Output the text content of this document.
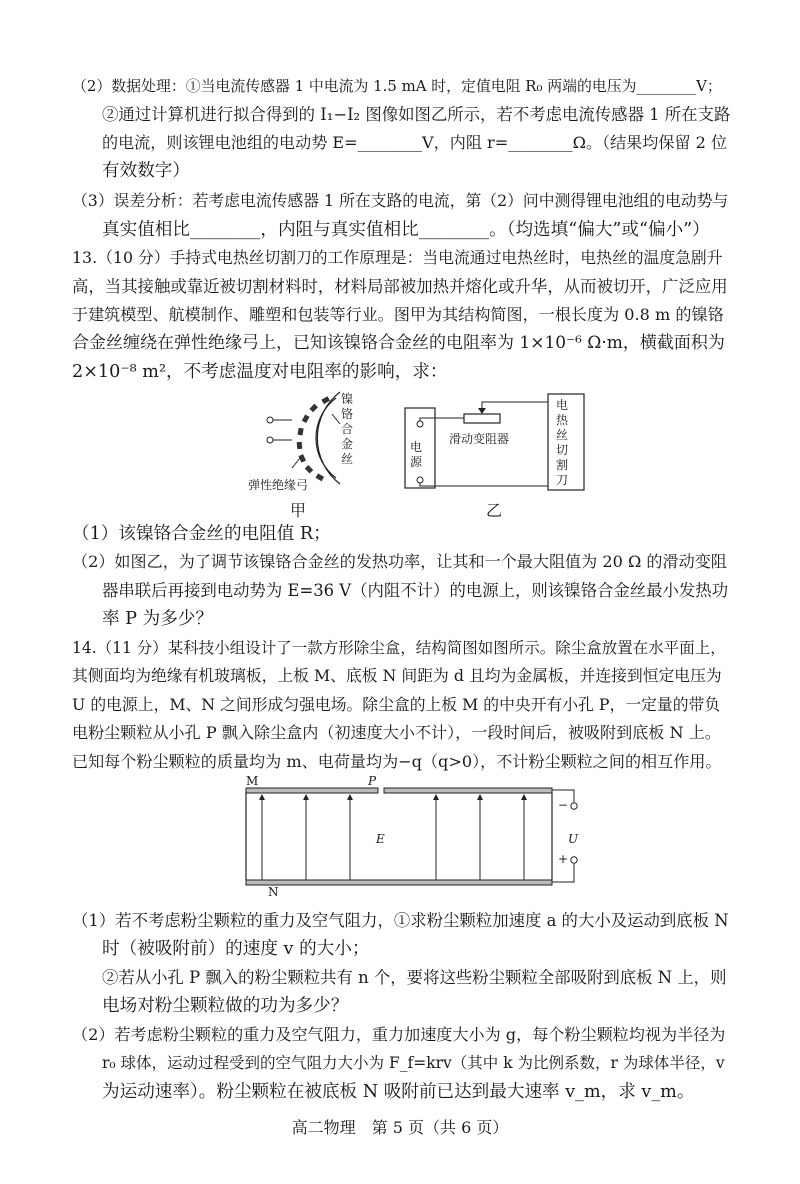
（2）数据处理：①当电流传感器 1 中电流为 1.5 mA 时，定值电阻 R₀ 两端的电压为________V；
②通过计算机进行拟合得到的 I₁−I₂ 图像如图乙所示，若不考虑电流传感器 1 所在支路
的电流，则该锂电池组的电动势 E=________V，内阻 r=________Ω。（结果均保留 2 位
有效数字）
（3）误差分析：若考虑电流传感器 1 所在支路的电流，第（2）问中测得锂电池组的电动势与
真实值相比________，内阻与真实值相比________。（均选填“偏大”或“偏小”）
13.（10 分）手持式电热丝切割刀的工作原理是：当电流通过电热丝时，电热丝的温度急剧升
高，当其接触或靠近被切割材料时，材料局部被加热并熔化或升华，从而被切开，广泛应用
于建筑模型、航模制作、雕塑和包装等行业。图甲为其结构简图，一根长度为 0.8 m 的镍铬
合金丝缠绕在弹性绝缘弓上，已知该镍铬合金丝的电阻率为 1×10⁻⁶ Ω·m，横截面积为
2×10⁻⁸ m²，不考虑温度对电阻率的影响，求：
镍铬合金丝
弹性绝缘弓
甲
电源
滑动变阻器
电热丝切割刀
乙
（1）该镍铬合金丝的电阻值 R；
（2）如图乙，为了调节该镍铬合金丝的发热功率，让其和一个最大阻值为 20 Ω 的滑动变阻
器串联后再接到电动势为 E=36 V（内阻不计）的电源上，则该镍铬合金丝最小发热功
率 P 为多少？
14.（11 分）某科技小组设计了一款方形除尘盒，结构简图如图所示。除尘盒放置在水平面上，
其侧面均为绝缘有机玻璃板，上板 M、底板 N 间距为 d 且均为金属板，并连接到恒定电压为
U 的电源上，M、N 之间形成匀强电场。除尘盒的上板 M 的中央开有小孔 P，一定量的带负
电粉尘颗粒从小孔 P 飘入除尘盒内（初速度大小不计），一段时间后，被吸附到底板 N 上。
已知每个粉尘颗粒的质量均为 m、电荷量均为−q（q>0），不计粉尘颗粒之间的相互作用。
M	P
E
N
−
U
+
（1）若不考虑粉尘颗粒的重力及空气阻力，①求粉尘颗粒加速度 a 的大小及运动到底板 N
时（被吸附前）的速度 v 的大小；
②若从小孔 P 飘入的粉尘颗粒共有 n 个，要将这些粉尘颗粒全部吸附到底板 N 上，则
电场对粉尘颗粒做的功为多少？
（2）若考虑粉尘颗粒的重力及空气阻力，重力加速度大小为 g，每个粉尘颗粒均视为半径为
r₀ 球体，运动过程受到的空气阻力大小为 F_f=krv（其中 k 为比例系数，r 为球体半径，v
为运动速率）。粉尘颗粒在被底板 N 吸附前已达到最大速率 v_m，求 v_m。
高二物理　第 5 页（共 6 页）
